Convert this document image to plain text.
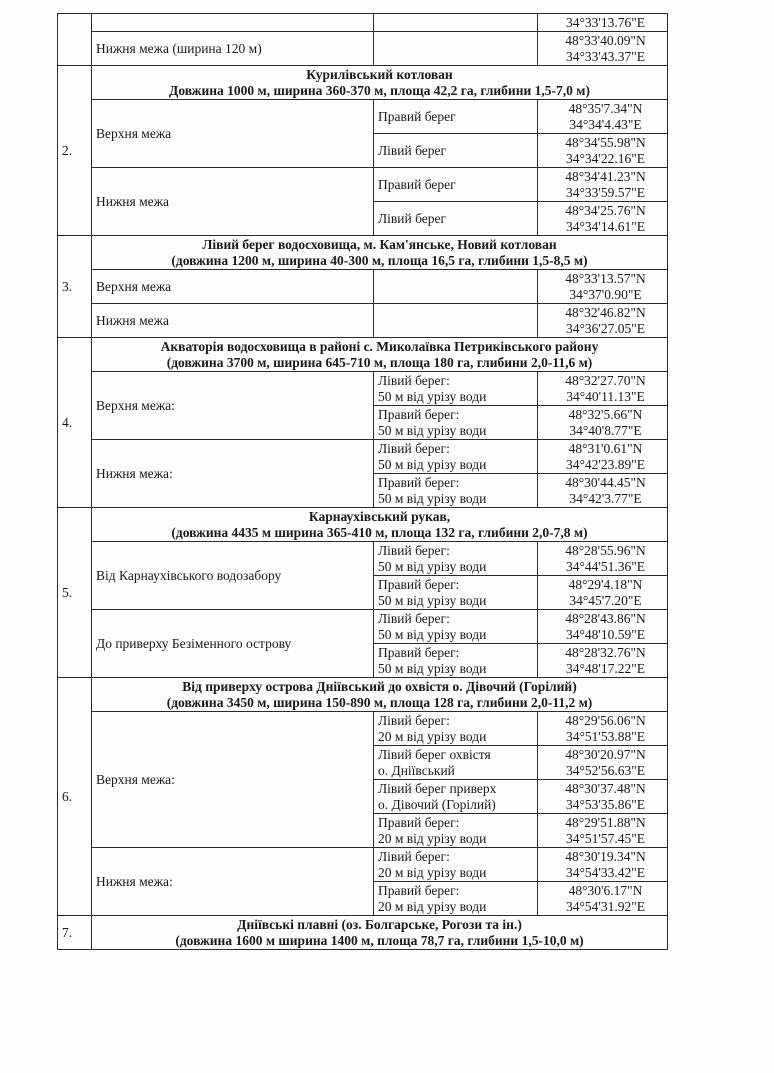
			34°33'13.76"E

	Нижня межа (ширина 120 м)		48°33'40.09"N
34°33'43.37"E

2.	Курилівський котлован
Довжина 1000 м, ширина 360-370 м, площа 42,2 га, глибини 1,5-7,0 м)		

	Верхня межа	Правий берег	48°35'7.34"N
34°34'4.43"E

		Лівий берег	48°34'55.98"N
34°34'22.16"E

	Нижня межа	Правий берег	48°34'41.23"N
34°33'59.57"E

		Лівий берег	48°34'25.76"N
34°34'14.61"E

3.	Лівий берег водосховища, м. Кам'янське, Новий котлован
(довжина 1200 м, ширина 40-300 м, площа 16,5 га, глибини 1,5-8,5 м)		

	Верхня межа		48°33'13.57"N
34°37'0.90"E

	Нижня межа		48°32'46.82"N
34°36'27.05"E

4.	Акваторія водосховища в районі с. Миколаївка Петриківського району
(довжина 3700 м, ширина 645-710 м, площа 180 га, глибини 2,0-11,6 м)		

	Верхня межа:	Лівий берег:
50 м від урізу води	48°32'27.70"N
34°40'11.13"E

		Правий берег:
50 м від урізу води	48°32'5.66"N
34°40'8.77"E

	Нижня межа:	Лівий берег:
50 м від урізу води	48°31'0.61"N
34°42'23.89"E

		Правий берег:
50 м від урізу води	48°30'44.45"N
34°42'3.77"E

5.	Карнаухівський рукав,
(довжина 4435 м ширина 365-410 м, площа 132 га, глибини 2,0-7,8 м)		

	Від Карнаухівського водозабору	Лівий берег:
50 м від урізу води	48°28'55.96"N
34°44'51.36"E

		Правий берег:
50 м від урізу води	48°29'4.18"N
34°45'7.20"E

	До приверху Безіменного острову	Лівий берег:
50 м від урізу води	48°28'43.86"N
34°48'10.59"E

		Правий берег:
50 м від урізу води	48°28'32.76"N
34°48'17.22"E

6.	Від приверху острова Дніївський до охвістя о. Дівочий (Горілий)
(довжина 3450 м, ширина 150-890 м, площа 128 га, глибини 2,0-11,2 м)		

	Верхня межа:	Лівий берег:
20 м від урізу води	48°29'56.06"N
34°51'53.88"E

		Лівий берег охвістя
о. Дніївський	48°30'20.97"N
34°52'56.63"E

		Лівий берег приверх
о. Дівочий (Горілий)	48°30'37.48"N
34°53'35.86"E

		Правий берег:
20 м від урізу води	48°29'51.88"N
34°51'57.45"E

	Нижня межа:	Лівий берег:
20 м від урізу води	48°30'19.34"N
34°54'33.42"E

		Правий берег:
20 м від урізу води	48°30'6.17"N
34°54'31.92"E

7.	Дніївські плавні (оз. Болгарське, Рогози та ін.)
(довжина 1600 м ширина 1400 м, площа 78,7 га, глибини 1,5-10,0 м)		
